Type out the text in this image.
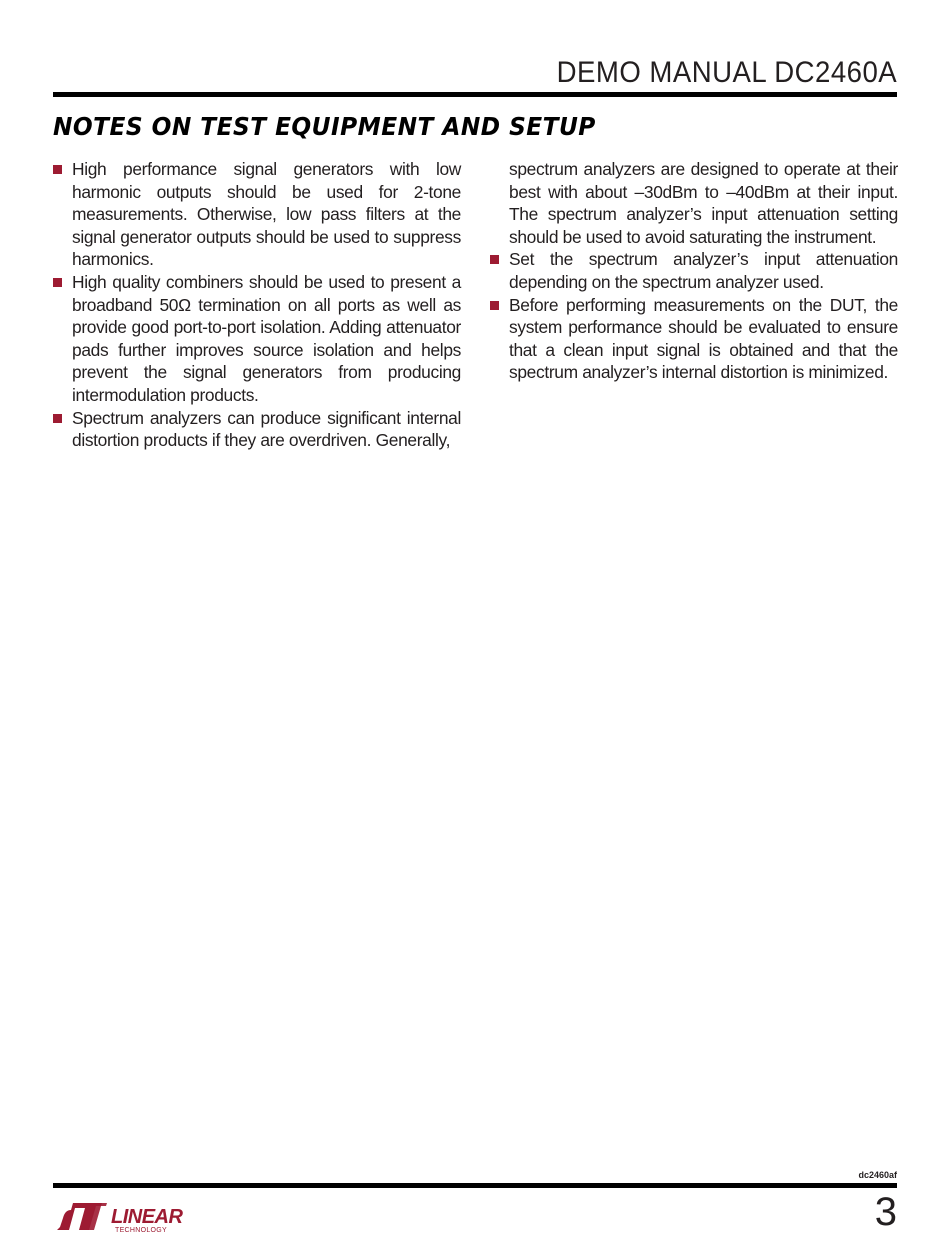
DEMO MANUAL DC2460A
NOTES ON TEST EQUIPMENT AND SETUP
High performance signal generators with low harmonic outputs should be used for 2-tone measurements. Otherwise, low pass filters at the signal generator outputs should be used to suppress harmonics.
High quality combiners should be used to present a broadband 50Ω termination on all ports as well as provide good port-to-port isolation. Adding attenuator pads further improves source isolation and helps prevent the signal generators from producing intermodulation products.
Spectrum analyzers can produce significant internal distortion products if they are overdriven. Generally,
spectrum analyzers are designed to operate at their best with about –30dBm to –40dBm at their input. The spectrum analyzer’s input attenuation setting should be used to avoid saturating the instrument.
Set the spectrum analyzer’s input attenuation depending on the spectrum analyzer used.
Before performing measurements on the DUT, the system performance should be evaluated to ensure that a clean input signal is obtained and that the spectrum analyzer’s internal distortion is minimized.
dc2460af
LINEAR
TECHNOLOGY	3
